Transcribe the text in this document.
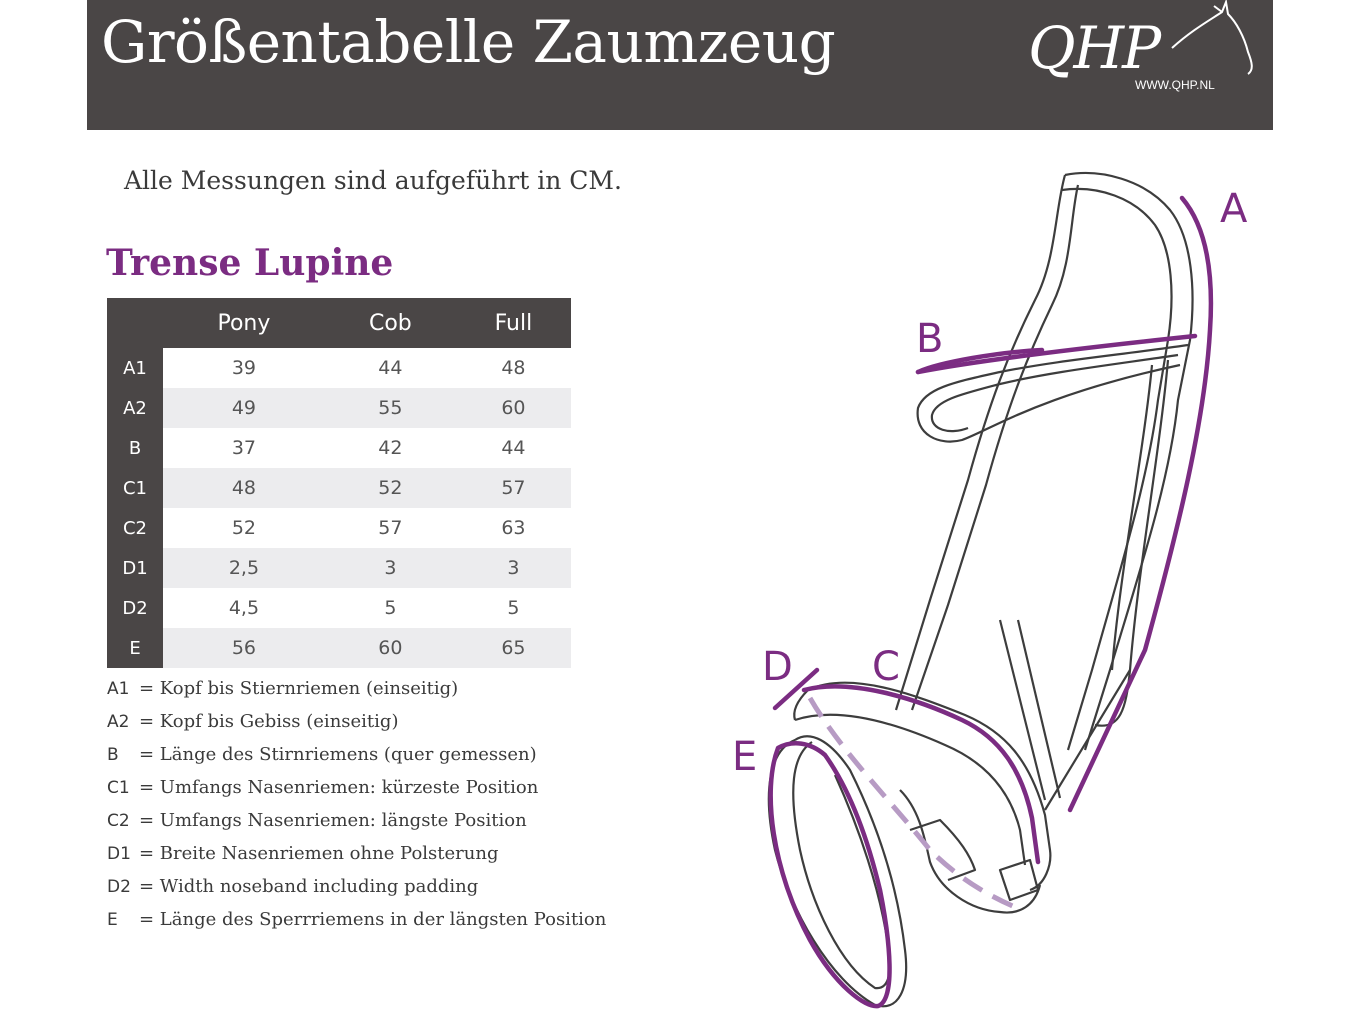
Größentabelle Zaumzeug	QHP
WWW.QHP.NL

Alle Messungen sind aufgeführt in CM.

Trense Lupine
	Pony	Cob	Full
A1	39	44	48
A2	49	55	60
B	37	42	44
C1	48	52	57
C2	52	57	63
D1	2,5	3	3
D2	4,5	5	5
E	56	60	65
A1 = Kopf bis Stiernriemen (einseitig)
A2 = Kopf bis Gebiss (einseitig)
B = Länge des Stirnriemens (quer gemessen)
C1 = Umfangs Nasenriemen: kürzeste Position
C2 = Umfangs Nasenriemen: längste Position
D1 = Breite Nasenriemen ohne Polsterung
D2 = Width noseband including padding
E = Länge des Sperrriemens in der längsten Position
A
B
C
D
E
